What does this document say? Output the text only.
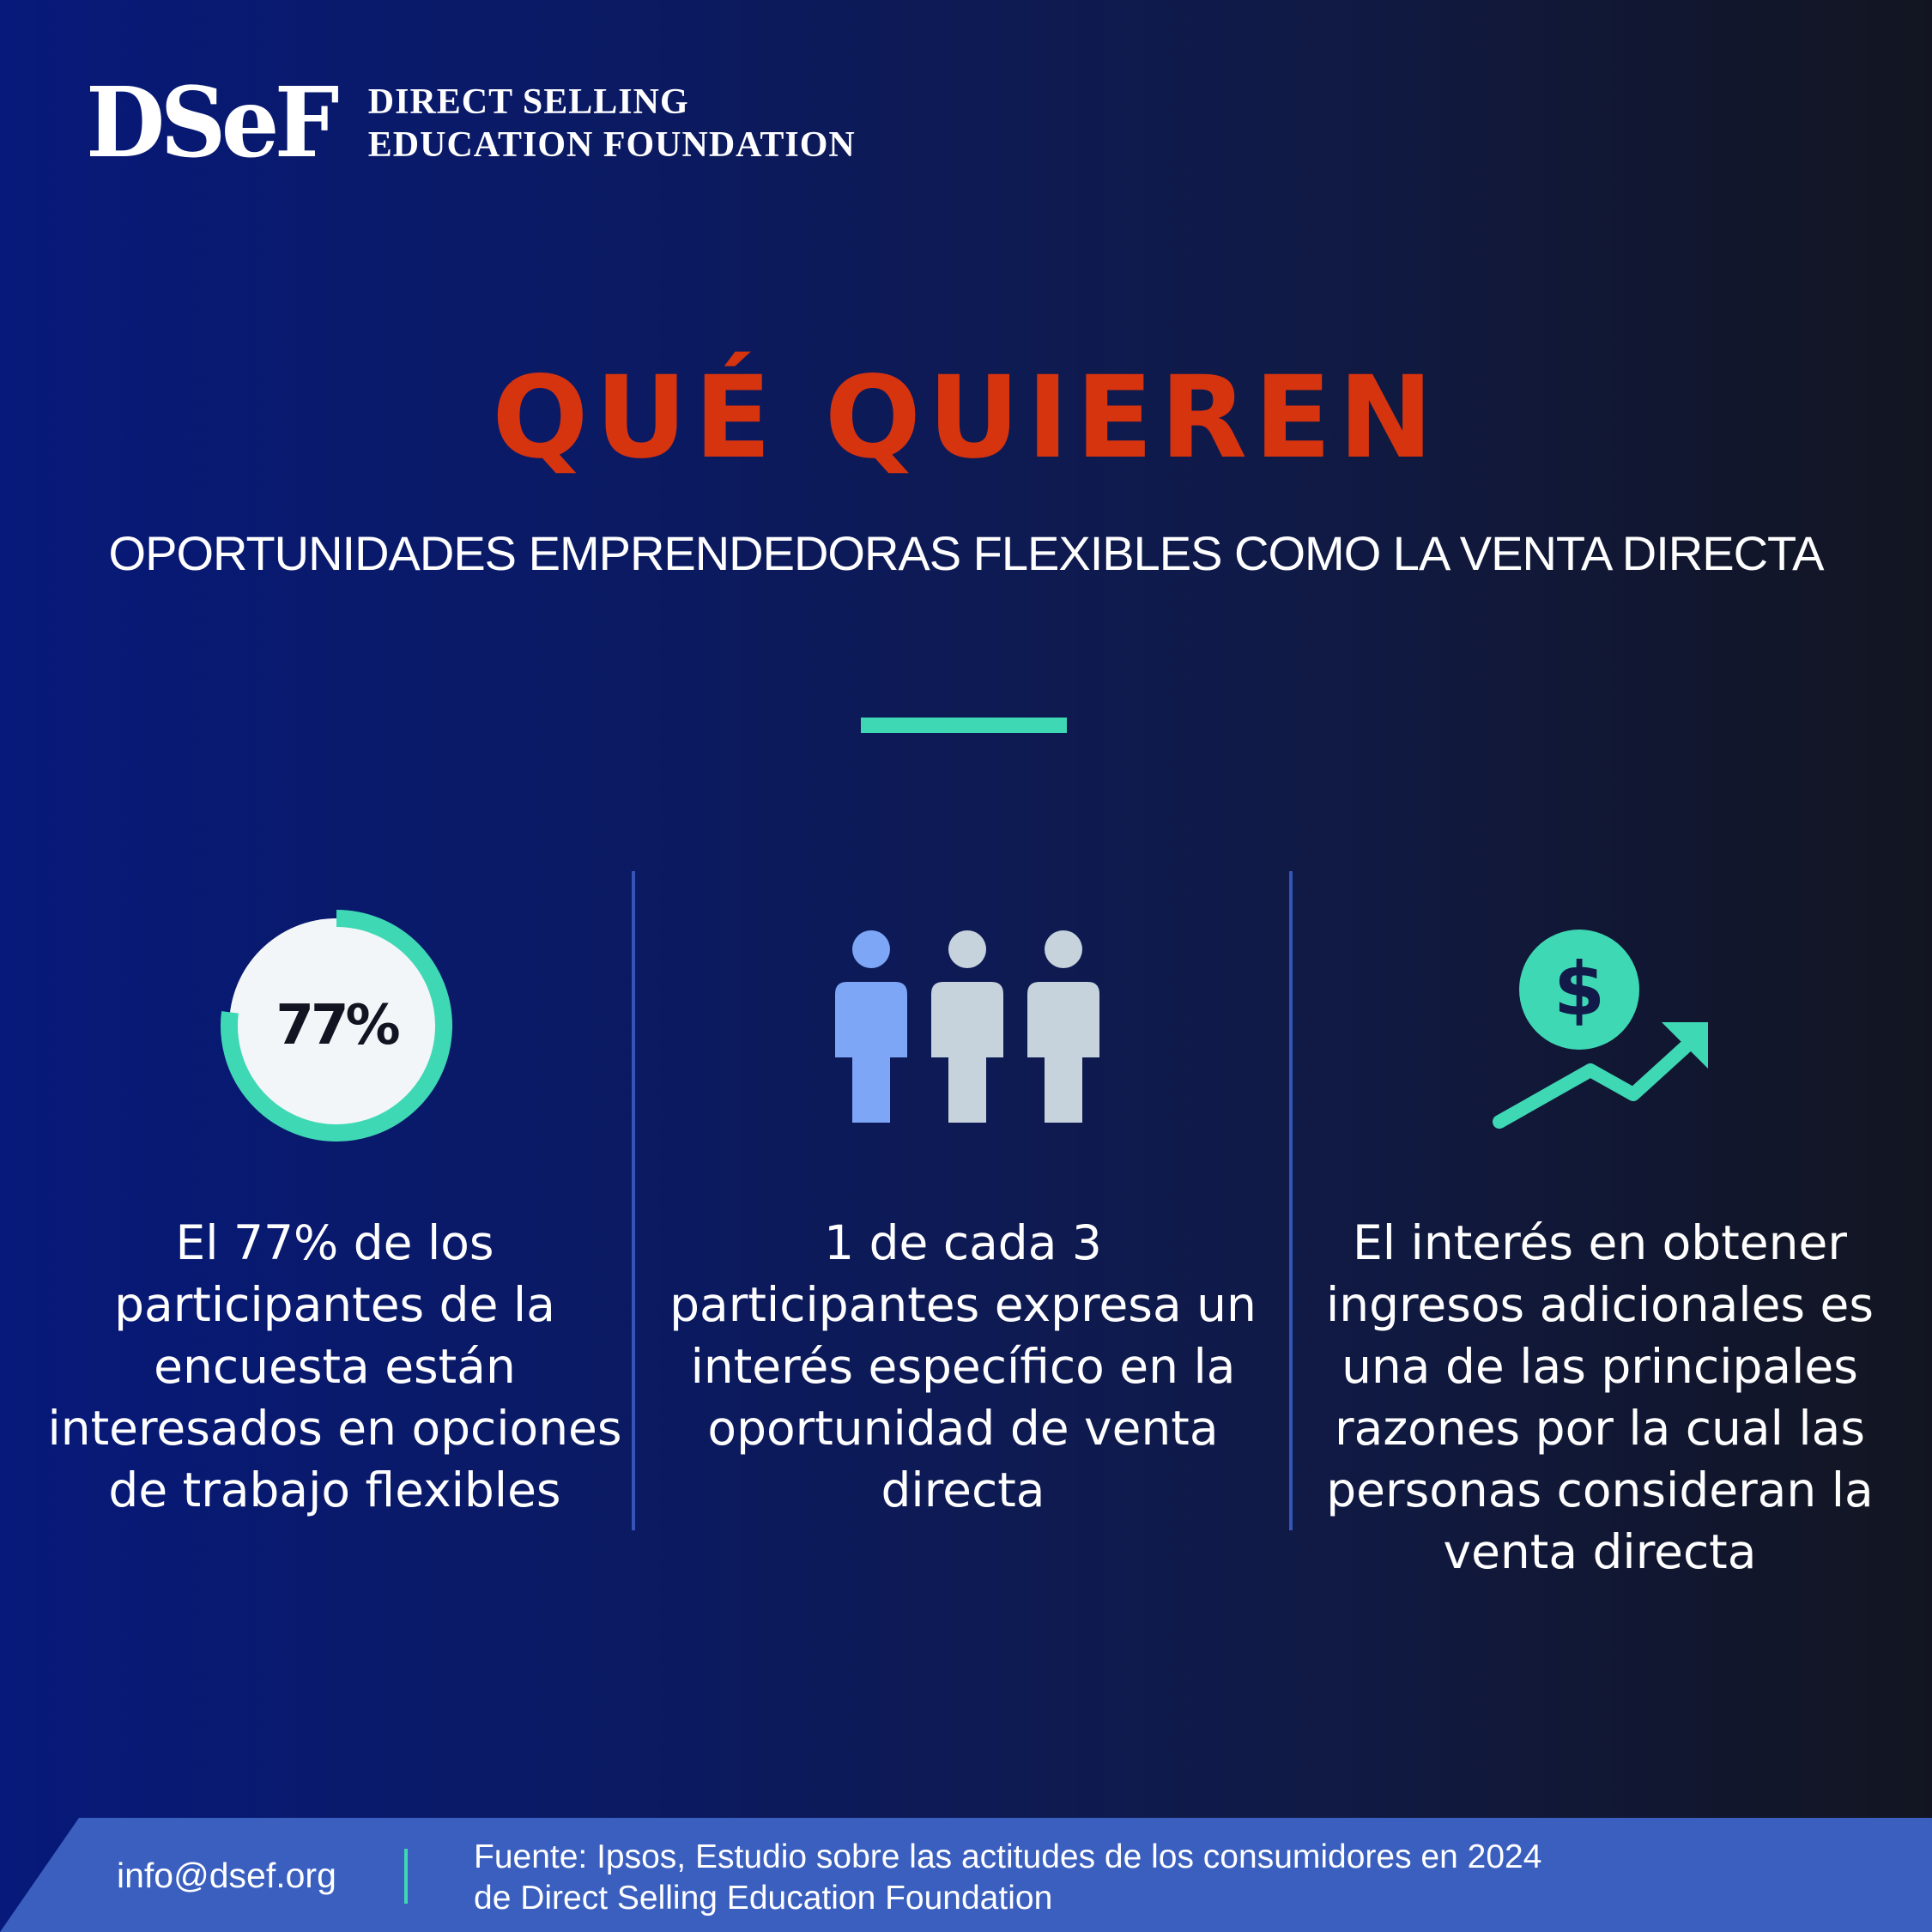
DSeF DIRECT SELLING
EDUCATION FOUNDATION
QUÉ QUIEREN
OPORTUNIDADES EMPRENDEDORAS FLEXIBLES COMO LA VENTA DIRECTA
77%
El 77% de los participantes de la encuesta están interesados en opciones de trabajo flexibles
1 de cada 3 participantes expresa un interés específico en la oportunidad de venta directa
$
El interés en obtener ingresos adicionales es una de las principales razones por la cual las personas consideran la venta directa
info@dsef.org	Fuente: Ipsos, Estudio sobre las actitudes de los consumidores en 2024
de Direct Selling Education Foundation
